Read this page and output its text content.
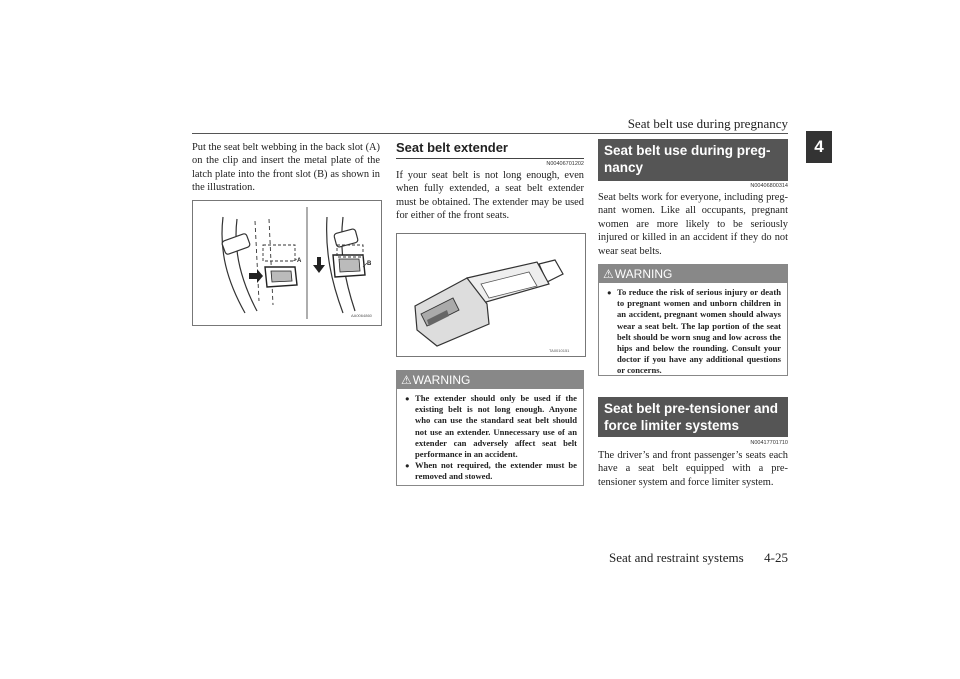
Seat belt use during pregnancy
4
Put the seat belt webbing in the back slot (A) on the clip and insert the metal plate of the latch plate into the front slot (B) as shown in the illustration.
A	B
AA0064860
Seat belt extender
N00406701202
If your seat belt is not long enough, even when fully extended, a seat belt extender must be obtained. The extender may be used for either of the front seats.
TA0010151
⚠ WARNING
● The extender should only be used if the existing belt is not long enough. Anyone who can use the standard seat belt should not use an extender. Unnecessary use of an extender can adversely affect seat belt performance in an accident.
● When not required, the extender must be removed and stowed.
Seat belt use during preg-nancy
N00406800314
Seat belts work for everyone, including preg-nant women. Like all occupants, pregnant women are more likely to be seriously injured or killed in an accident if they do not wear seat belts.
⚠ WARNING
● To reduce the risk of serious injury or death to pregnant women and unborn children in an accident, pregnant women should always wear a seat belt. The lap portion of the seat belt should be worn snug and low across the hips and below the rounding. Consult your doctor if you have any additional questions or concerns.
Seat belt pre-tensioner and force limiter systems
N00417701710
The driver’s and front passenger’s seats each have a seat belt equipped with a pre-tensioner system and force limiter system.
Seat and restraint systems 4-25
